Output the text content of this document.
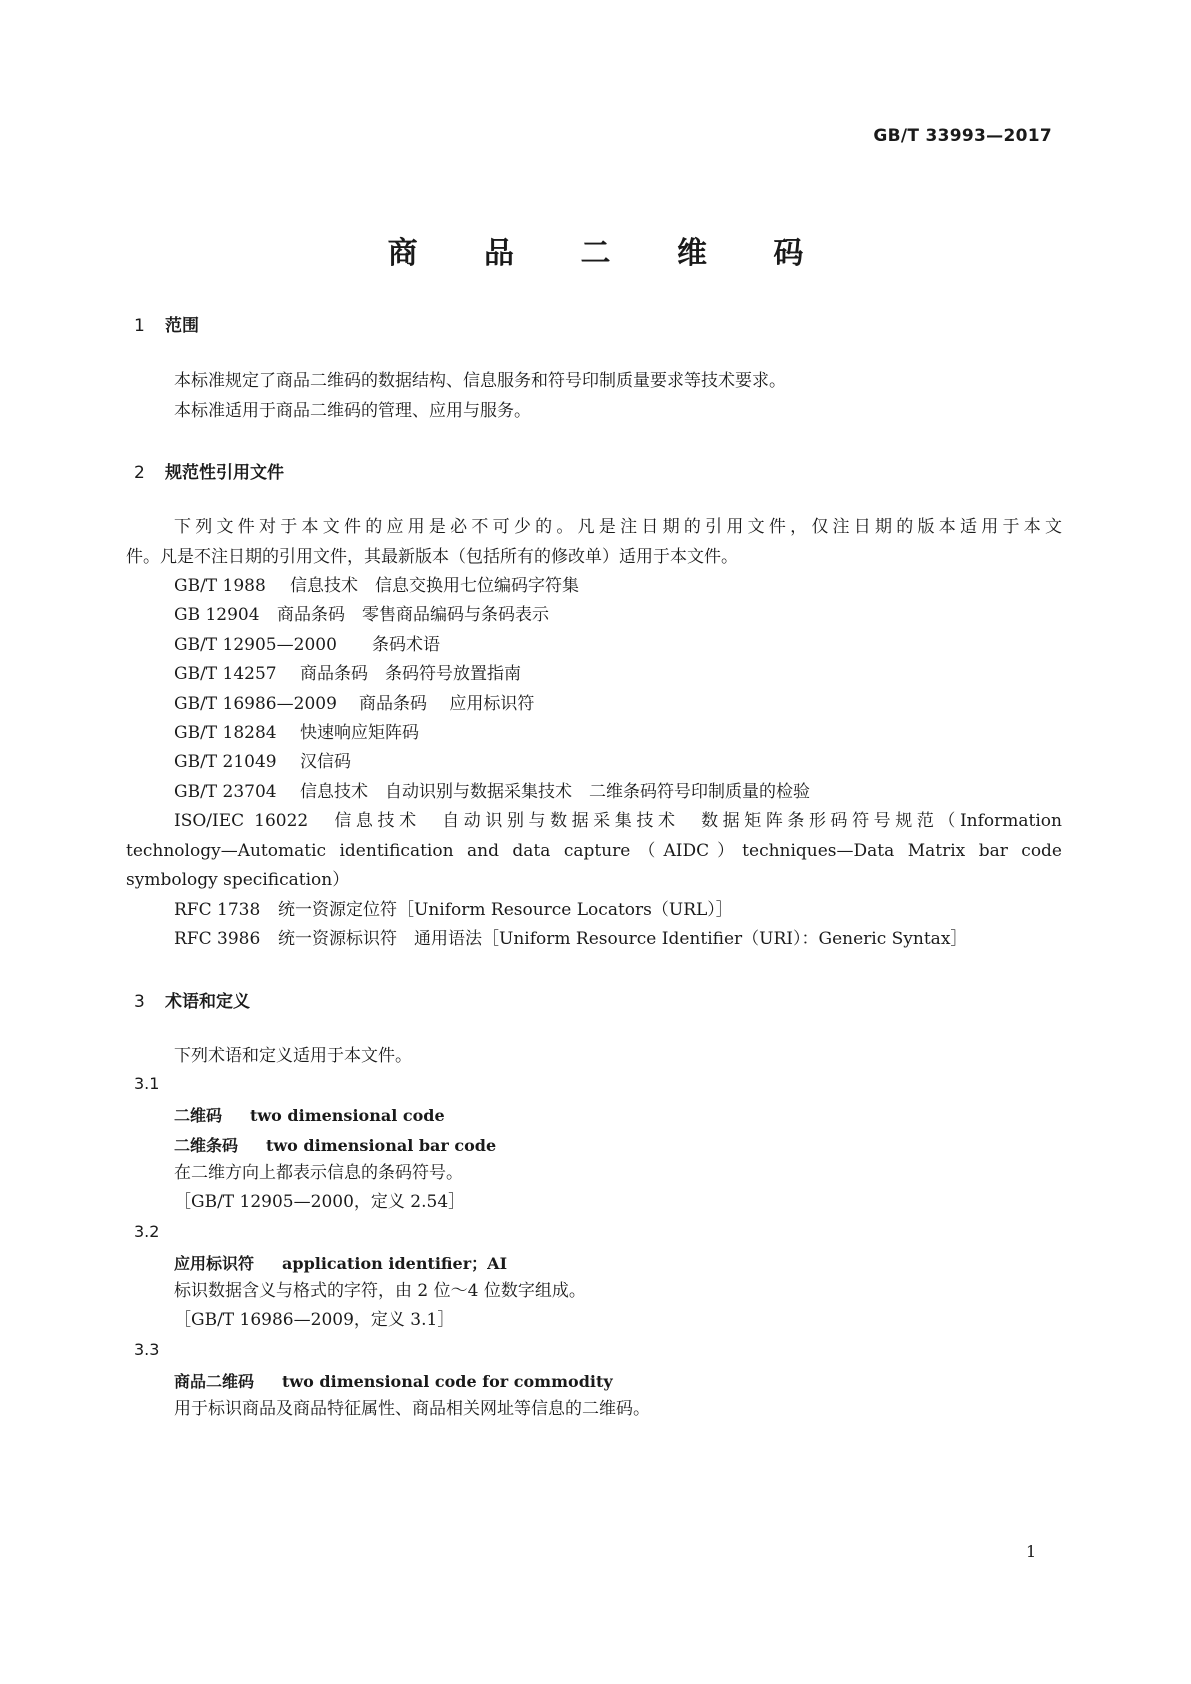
GB/T 33993—2017
商 品 二 维 码
1 范围
本标准规定了商品二维码的数据结构、信息服务和符号印制质量要求等技术要求。
本标准适用于商品二维码的管理、应用与服务。
2 规范性引用文件
下列文件对于本文件的应用是必不可少的。凡是注日期的引用文件，仅注日期的版本适用于本文
件。凡是不注日期的引用文件，其最新版本（包括所有的修改单）适用于本文件。
GB/T 1988 信息技术　信息交换用七位编码字符集
GB 12904 商品条码　零售商品编码与条码表示
GB/T 12905—2000 条码术语
GB/T 14257 商品条码　条码符号放置指南
GB/T 16986—2009 商品条码　 应用标识符
GB/T 18284 快速响应矩阵码
GB/T 21049 汉信码
GB/T 23704 信息技术　自动识别与数据采集技术　二维条码符号印制质量的检验
ISO/IEC 16022　信息技术　自动识别与数据采集技术　数据矩阵条形码符号规范（Information
technology—Automatic identification and data capture（AIDC）techniques—Data Matrix bar code
symbology specification）
RFC 1738 统一资源定位符［Uniform Resource Locators（URL）］
RFC 3986 统一资源标识符　通用语法［Uniform Resource Identifier（URI）：Generic Syntax］
3 术语和定义
下列术语和定义适用于本文件。
3.1
二维码 two dimensional code
二维条码 two dimensional bar code
在二维方向上都表示信息的条码符号。
［GB/T 12905—2000，定义 2.54］
3.2
应用标识符 application identifier；AI
标识数据含义与格式的字符，由 2 位～4 位数字组成。
［GB/T 16986—2009，定义 3.1］
3.3
商品二维码 two dimensional code for commodity
用于标识商品及商品特征属性、商品相关网址等信息的二维码。
1
